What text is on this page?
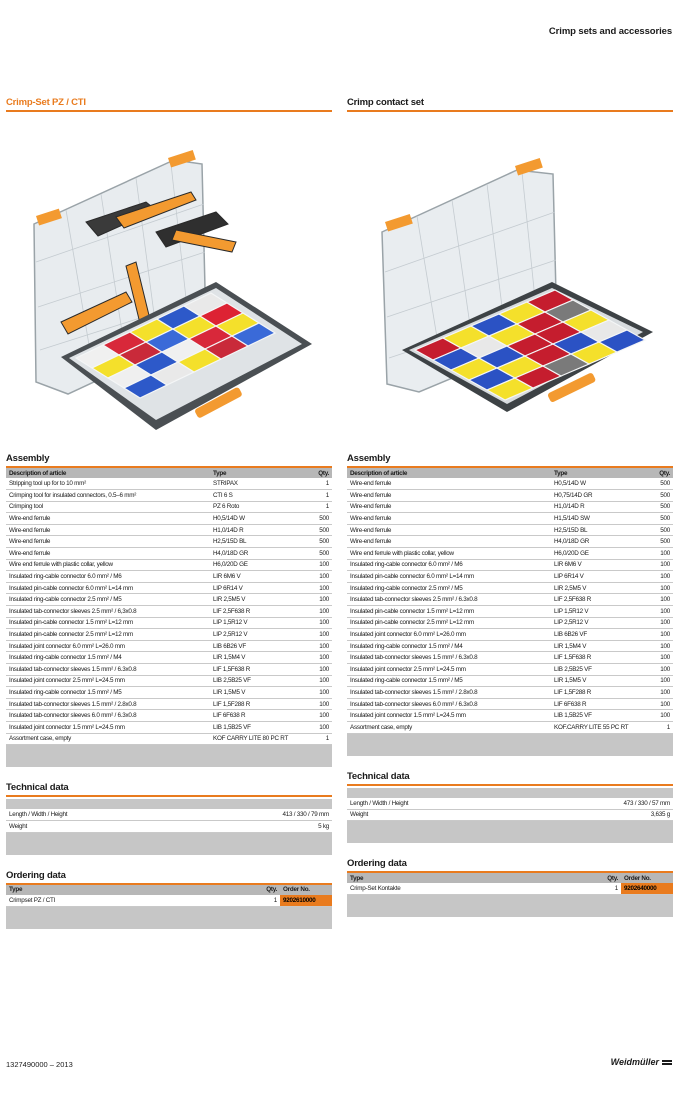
Crimp sets and accessories
Crimp-Set PZ / CTI
Assembly
Description of article	Type	Qty.
Stripping tool up for to 10 mm²	STRIPAX	1
Crimping tool for insulated connectors, 0.5–6 mm²	CTI 6 S	1
Crimping tool	PZ 6 Roto	1
Wire-end ferrule	H0,5/14D W	500
Wire-end ferrule	H1,0/14D R	500
Wire-end ferrule	H2,5/15D BL	500
Wire-end ferrule	H4,0/18D GR	500
Wire end ferrule with plastic collar, yellow	H6,0/20D GE	100
Insulated ring-cable connector 6.0 mm² / M6	LIR 6M6 V	100
Insulated pin-cable connector 6.0 mm² L=14 mm	LIP 6R14 V	100
Insulated ring-cable connector 2.5 mm² / M5	LIR 2,5M5 V	100
Insulated tab-connector sleeves 2.5 mm² / 6,3x0.8	LIF 2,5F638 R	100
Insulated pin-cable connector 1.5 mm² L=12 mm	LIP 1,5R12 V	100
Insulated pin-cable connector 2.5 mm² L=12 mm	LIP 2,5R12 V	100
Insulated joint connector 6.0 mm² L=26.0 mm	LIB 6B26 VF	100
Insulated ring-cable connector 1.5 mm² / M4	LIR 1,5M4 V	100
Insulated tab-connector sleeves 1.5 mm² / 6.3x0.8	LIF 1,5F638 R	100
Insulated joint connector 2.5 mm² L=24.5 mm	LIB 2,5B25 VF	100
Insulated ring-cable connector 1.5 mm² / M5	LIR 1,5M5 V	100
Insulated tab-connector sleeves 1.5 mm² / 2.8x0.8	LIF 1,5F288 R	100
Insulated tab-connector sleeves 6.0 mm² / 6.3x0.8	LIF 6F638 R	100
Insulated joint connector 1.5 mm² L=24.5 mm	LIB 1,5B25 VF	100
Assortment case, empty	KOF CARRY LITE 80 PC RT	1
Technical data
Length / Width / Height	413 / 330 / 79 mm
Weight	5 kg
Ordering data
Type	Qty.	Order No.
Crimpset PZ / CTI	1	9202610000
Crimp contact set
Assembly
Description of article	Type	Qty.
Wire-end ferrule	H0,5/14D W	500
Wire-end ferrule	H0,75/14D GR	500
Wire-end ferrule	H1,0/14D R	500
Wire-end ferrule	H1,5/14D SW	500
Wire-end ferrule	H2,5/15D BL	500
Wire-end ferrule	H4,0/18D GR	500
Wire end ferrule with plastic collar, yellow	H6,0/20D GE	100
Insulated ring-cable connector 6.0 mm² / M6	LIR 6M6 V	100
Insulated pin-cable connector 6.0 mm² L=14 mm	LIP 6R14 V	100
Insulated ring-cable connector 2.5 mm² / M5	LIR 2,5M5 V	100
Insulated tab-connector sleeves 2.5 mm² / 6.3x0.8	LIF 2,5F638 R	100
Insulated pin-cable connector 1.5 mm² L=12 mm	LIP 1,5R12 V	100
Insulated pin-cable connector 2.5 mm² L=12 mm	LIP 2,5R12 V	100
Insulated joint connector 6.0 mm² L=26.0 mm	LIB 6B26 VF	100
Insulated ring-cable connector 1.5 mm² / M4	LIR 1,5M4 V	100
Insulated tab-connector sleeves 1.5 mm² / 6.3x0.8	LIF 1,5F638 R	100
Insulated joint connector 2.5 mm² L=24.5 mm	LIB 2,5B25 VF	100
Insulated ring-cable connector 1.5 mm² / M5	LIR 1,5M5 V	100
Insulated tab-connector sleeves 1.5 mm² / 2.8x0.8	LIF 1,5F288 R	100
Insulated tab-connector sleeves 6.0 mm² / 6.3x0.8	LIF 6F638 R	100
Insulated joint connector 1.5 mm² L=24.5 mm	LIB 1,5B25 VF	100
Assortment case, empty	KOF.CARRY LITE 55 PC RT	1
Technical data
Length / Width / Height	473 / 330 / 57 mm
Weight	3,635 g
Ordering data
Type	Qty.	Order No.
Crimp-Set Kontakte	1	9202640000
1327490000 – 2013	Weidmüller
